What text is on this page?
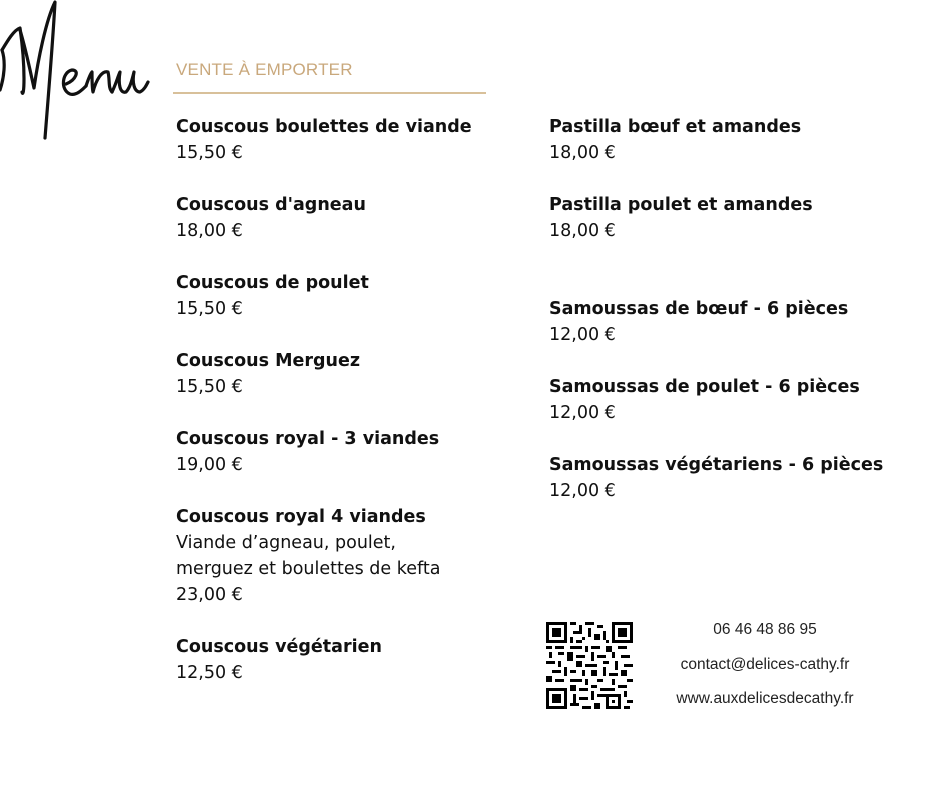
VENTE À EMPORTER
Couscous boulettes de viande
15,50 €
Couscous d'agneau
18,00 €
Couscous de poulet
15,50 €
Couscous Merguez
15,50 €
Couscous royal - 3 viandes
19,00 €
Couscous royal 4 viandes
Viande d’agneau, poulet,
merguez et boulettes de kefta
23,00 €
Couscous végétarien
12,50 €
Pastilla bœuf et amandes
18,00 €
Pastilla poulet et amandes
18,00 €
Samoussas de bœuf - 6 pièces
12,00 €
Samoussas de poulet - 6 pièces
12,00 €
Samoussas végétariens - 6 pièces
12,00 €
06 46 48 86 95
contact@delices-cathy.fr
www.auxdelicesdecathy.fr
